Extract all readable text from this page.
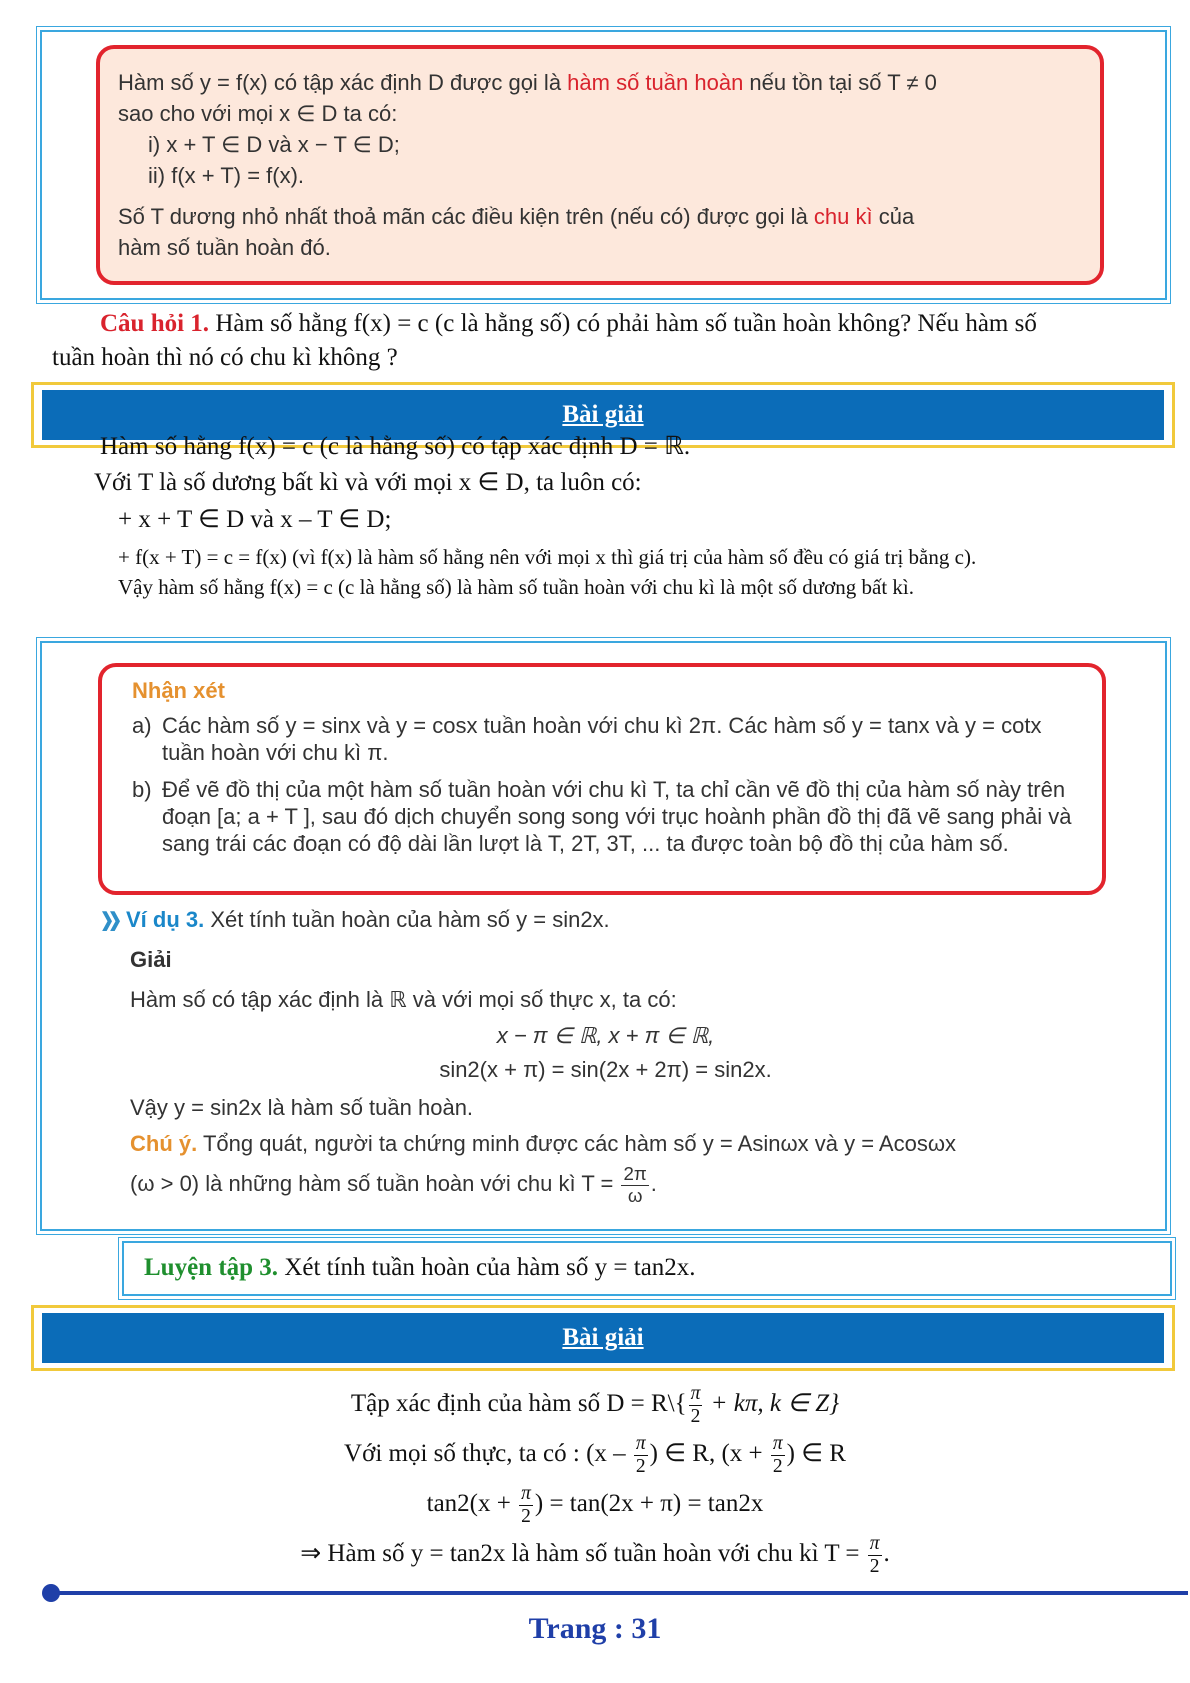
Hàm số y = f(x) có tập xác định D được gọi là hàm số tuần hoàn nếu tồn tại số T ≠ 0
sao cho với mọi x ∈ D ta có:
i) x + T ∈ D và x − T ∈ D;
ii) f(x + T) = f(x).
Số T dương nhỏ nhất thoả mãn các điều kiện trên (nếu có) được gọi là chu kì của
hàm số tuần hoàn đó.
Câu hỏi 1. Hàm số hằng f(x) = c (c là hằng số) có phải hàm số tuần hoàn không? Nếu hàm số
tuần hoàn thì nó có chu kì không ?
Bài giải
Hàm số hằng f(x) = c (c là hằng số) có tập xác định D = ℝ.
Với T là số dương bất kì và với mọi x ∈ D, ta luôn có:
+ x + T ∈ D và x – T ∈ D;
+ f(x + T) = c = f(x) (vì f(x) là hàm số hằng nên với mọi x thì giá trị của hàm số đều có giá trị bằng c).
Vậy hàm số hằng f(x) = c (c là hằng số) là hàm số tuần hoàn với chu kì là một số dương bất kì.
Nhận xét
a) Các hàm số y = sinx và y = cosx tuần hoàn với chu kì 2π. Các hàm số y = tanx và y = cotx tuần hoàn với chu kì π.
b) Để vẽ đồ thị của một hàm số tuần hoàn với chu kì T, ta chỉ cần vẽ đồ thị của hàm số này trên đoạn [a; a + T ], sau đó dịch chuyển song song với trục hoành phần đồ thị đã vẽ sang phải và sang trái các đoạn có độ dài lần lượt là T, 2T, 3T, ... ta được toàn bộ đồ thị của hàm số.
Ví dụ 3. Xét tính tuần hoàn của hàm số y = sin2x.
Giải
Hàm số có tập xác định là ℝ và với mọi số thực x, ta có:
x − π ∈ ℝ, x + π ∈ ℝ,
sin2(x + π) = sin(2x + 2π) = sin2x.
Vậy y = sin2x là hàm số tuần hoàn.
Chú ý. Tổng quát, người ta chứng minh được các hàm số y = Asinωx và y = Acosωx
(ω > 0) là những hàm số tuần hoàn với chu kì $T = \frac{2\pi}{\omega}$ .
Luyện tập 3. Xét tính tuần hoàn của hàm số y = tan2x.
Bài giải
Tập xác định của hàm số D = R\{ $\frac{\pi}{2} + k\pi$, k ∈ Z}
Với mọi số thực, ta có : ($x - \frac{\pi}{2}$ ) ∈ R, ($x + \frac{\pi}{2}$ ) ∈ R
$\tan 2(x + \frac{\pi}{2}$ ) = tan(2x + π) = tan2x
⇒ Hàm số y = tan2x là hàm số tuần hoàn với chu kì $T = \frac{\pi}{2}$ .
Trang : 31
